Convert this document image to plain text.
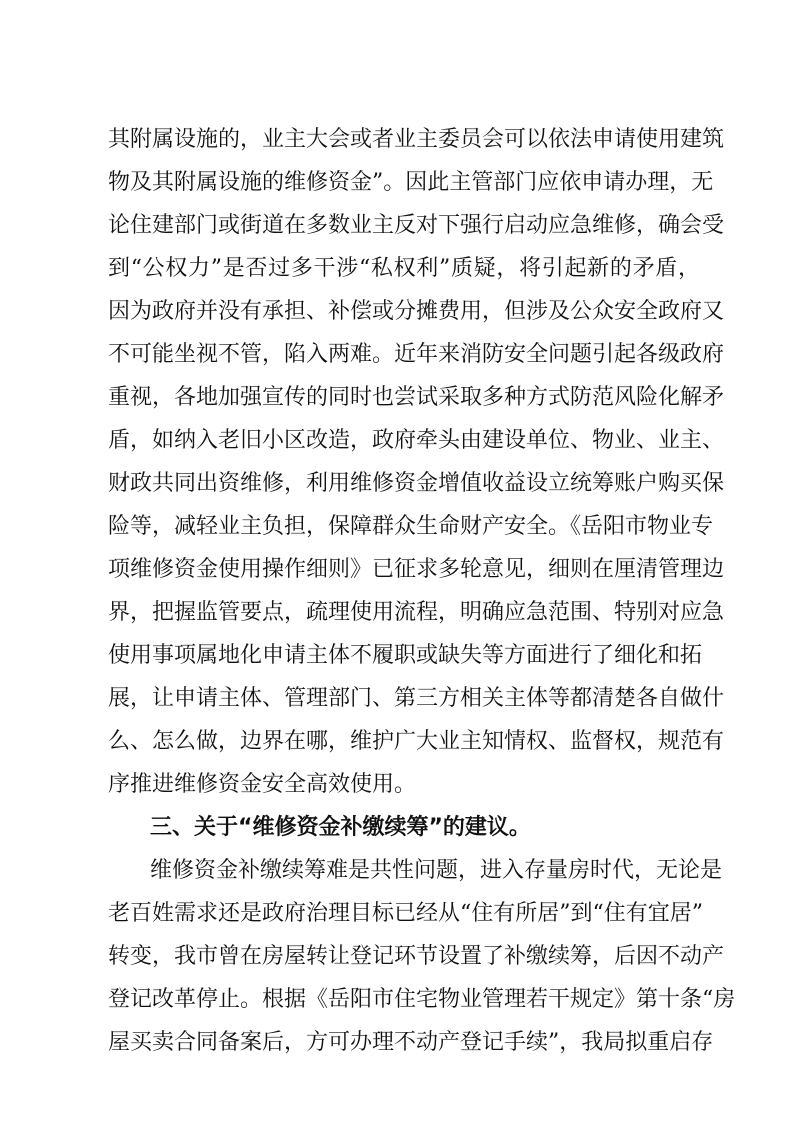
其附属设施的，业主大会或者业主委员会可以依法申请使用建筑
物及其附属设施的维修资金”。因此主管部门应依申请办理，无
论住建部门或街道在多数业主反对下强行启动应急维修，确会受
到“公权力”是否过多干涉“私权利”质疑，将引起新的矛盾，
因为政府并没有承担、补偿或分摊费用，但涉及公众安全政府又
不可能坐视不管，陷入两难。近年来消防安全问题引起各级政府
重视，各地加强宣传的同时也尝试采取多种方式防范风险化解矛
盾，如纳入老旧小区改造，政府牵头由建设单位、物业、业主、
财政共同出资维修，利用维修资金增值收益设立统筹账户购买保
险等，减轻业主负担，保障群众生命财产安全。《岳阳市物业专
项维修资金使用操作细则》已征求多轮意见，细则在厘清管理边
界，把握监管要点，疏理使用流程，明确应急范围、特别对应急
使用事项属地化申请主体不履职或缺失等方面进行了细化和拓
展，让申请主体、管理部门、第三方相关主体等都清楚各自做什
么、怎么做，边界在哪，维护广大业主知情权、监督权，规范有
序推进维修资金安全高效使用。
三、关于“维修资金补缴续筹”的建议。
维修资金补缴续筹难是共性问题，进入存量房时代，无论是
老百姓需求还是政府治理目标已经从“住有所居”到“住有宜居”
转变，我市曾在房屋转让登记环节设置了补缴续筹，后因不动产
登记改革停止。根据《岳阳市住宅物业管理若干规定》第十条“房
屋买卖合同备案后，方可办理不动产登记手续”，我局拟重启存
